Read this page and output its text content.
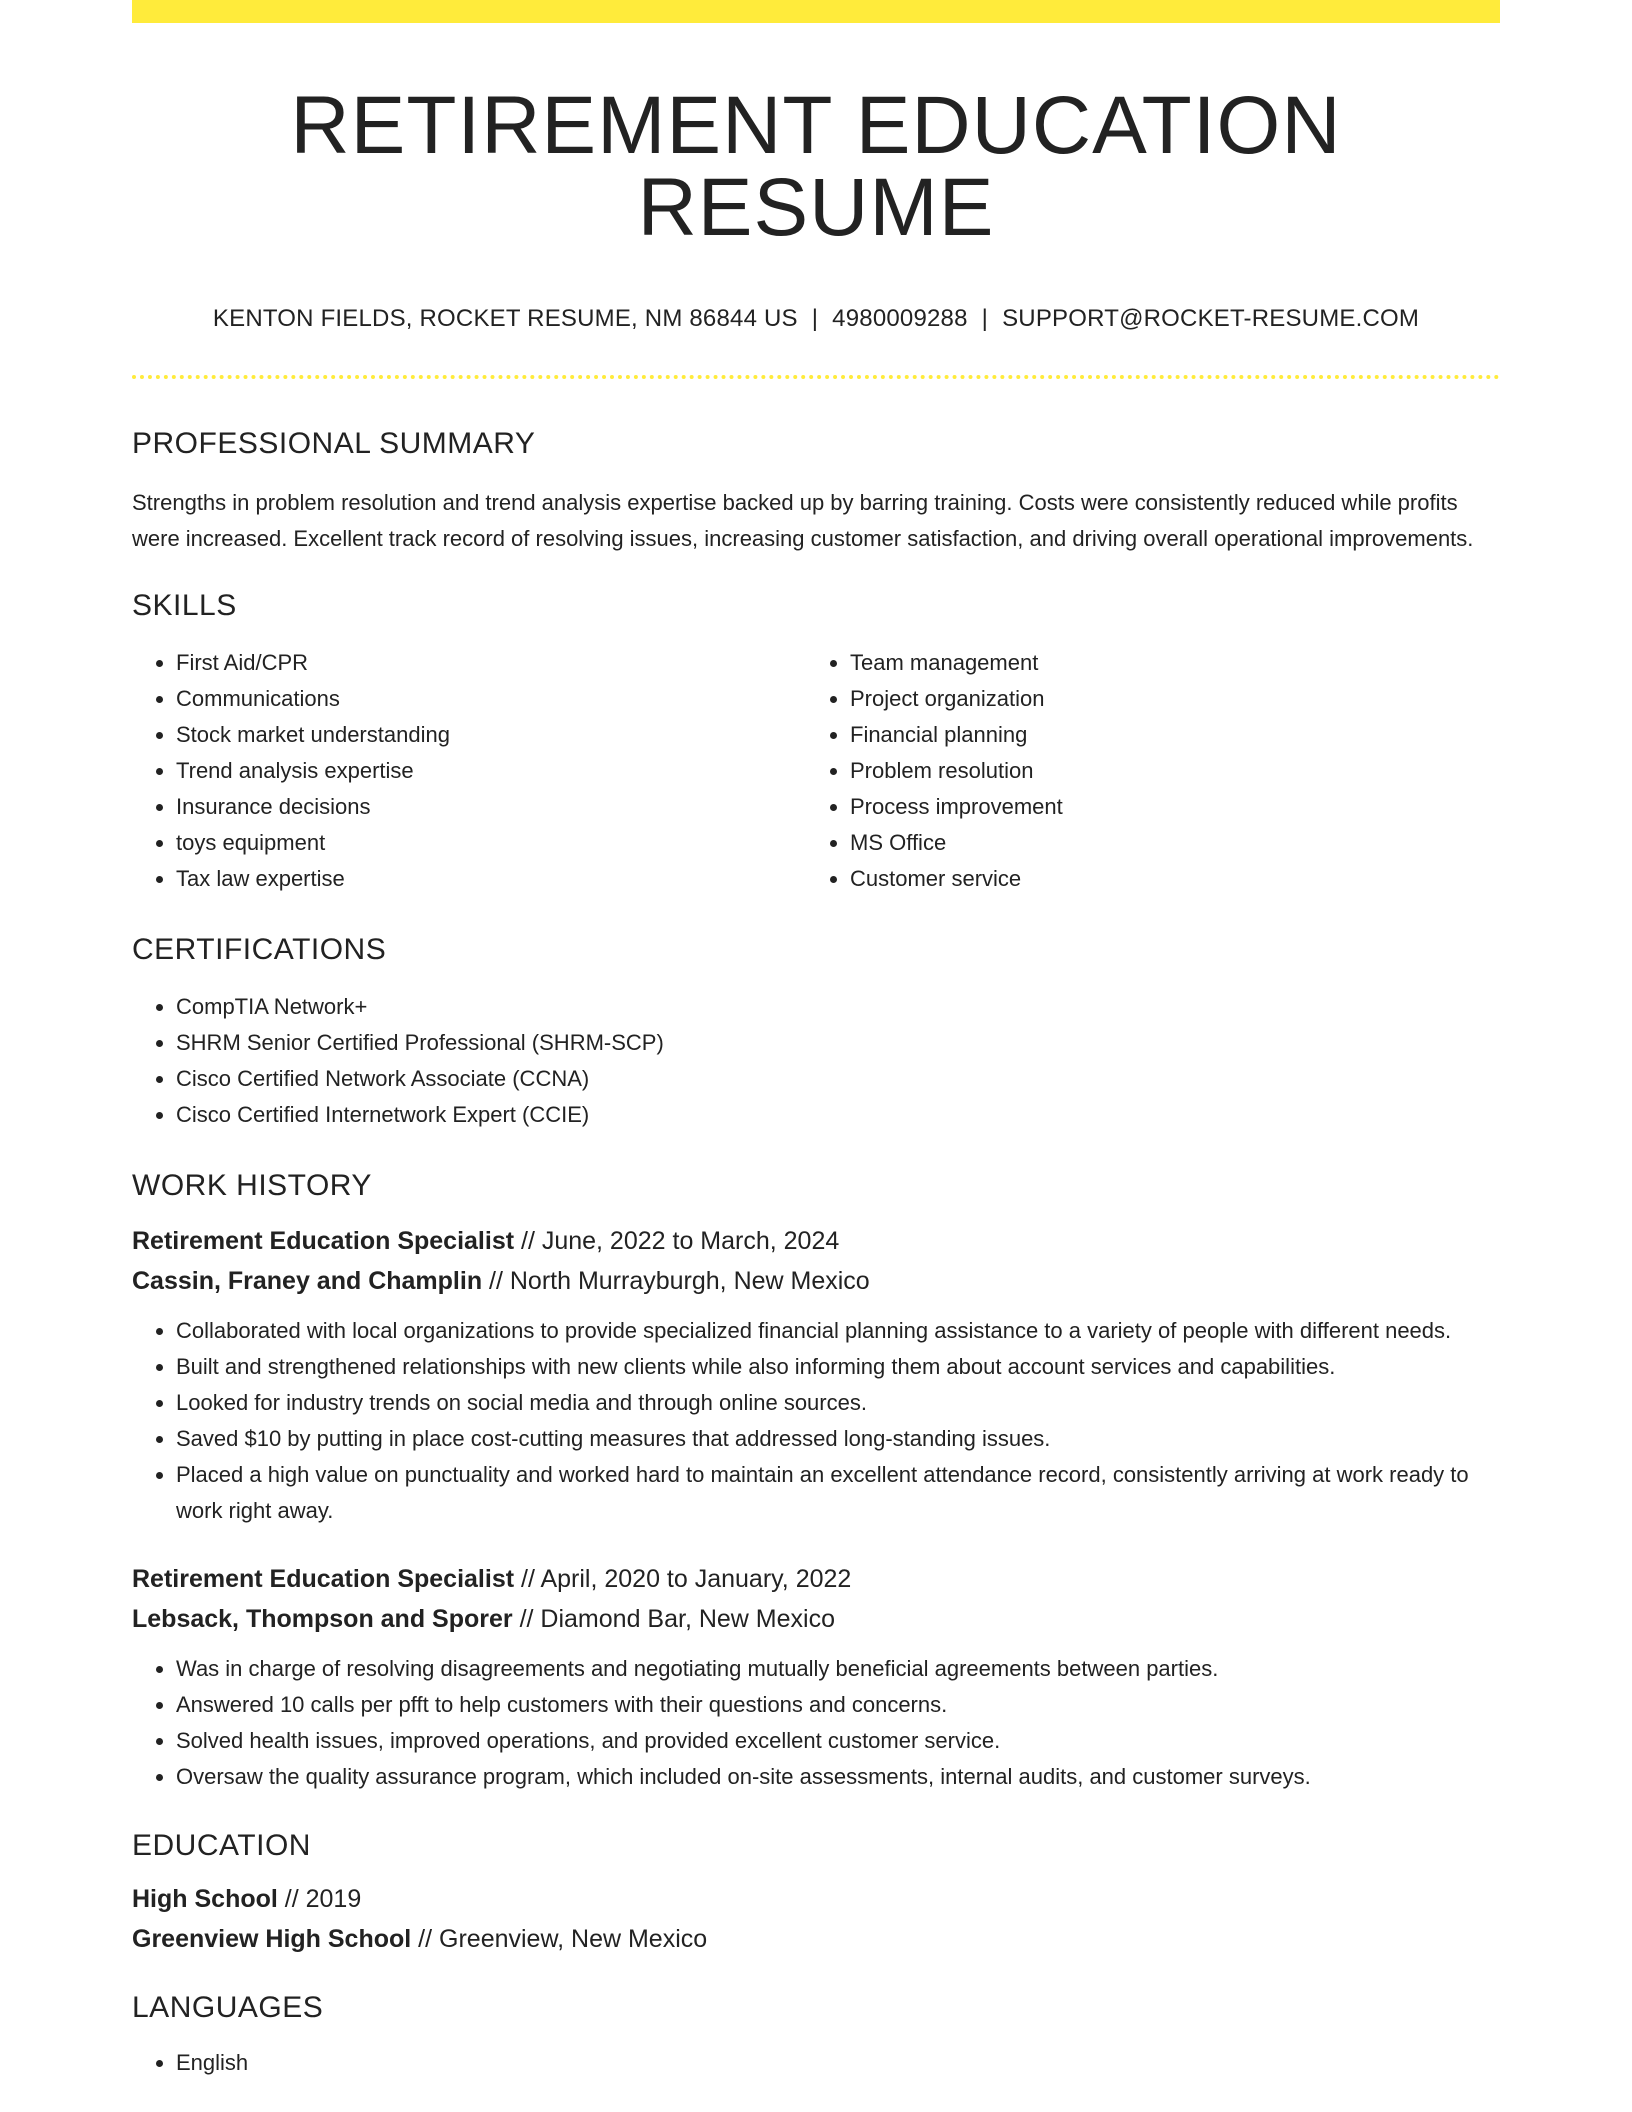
RETIREMENT EDUCATION RESUME
KENTON FIELDS, ROCKET RESUME, NM 86844 US | 4980009288 | SUPPORT@ROCKET-RESUME.COM
PROFESSIONAL SUMMARY

Strengths in problem resolution and trend analysis expertise backed up by barring training. Costs were consistently reduced while profits were increased. Excellent track record of resolving issues, increasing customer satisfaction, and driving overall operational improvements.

SKILLS
• First Aid/CPR
• Communications
• Stock market understanding
• Trend analysis expertise
• Insurance decisions
• toys equipment
• Tax law expertise
• Team management
• Project organization
• Financial planning
• Problem resolution
• Process improvement
• MS Office
• Customer service
CERTIFICATIONS
• CompTIA Network+
• SHRM Senior Certified Professional (SHRM-SCP)
• Cisco Certified Network Associate (CCNA)
• Cisco Certified Internetwork Expert (CCIE)
WORK HISTORY
Retirement Education Specialist // June, 2022 to March, 2024
Cassin, Franey and Champlin // North Murrayburgh, New Mexico
• Collaborated with local organizations to provide specialized financial planning assistance to a variety of people with different needs.
• Built and strengthened relationships with new clients while also informing them about account services and capabilities.
• Looked for industry trends on social media and through online sources.
• Saved $10 by putting in place cost-cutting measures that addressed long-standing issues.
• Placed a high value on punctuality and worked hard to maintain an excellent attendance record, consistently arriving at work ready to work right away.
Retirement Education Specialist // April, 2020 to January, 2022
Lebsack, Thompson and Sporer // Diamond Bar, New Mexico
• Was in charge of resolving disagreements and negotiating mutually beneficial agreements between parties.
• Answered 10 calls per pfft to help customers with their questions and concerns.
• Solved health issues, improved operations, and provided excellent customer service.
• Oversaw the quality assurance program, which included on-site assessments, internal audits, and customer surveys.
EDUCATION
High School // 2019
Greenview High School // Greenview, New Mexico
LANGUAGES
• English
